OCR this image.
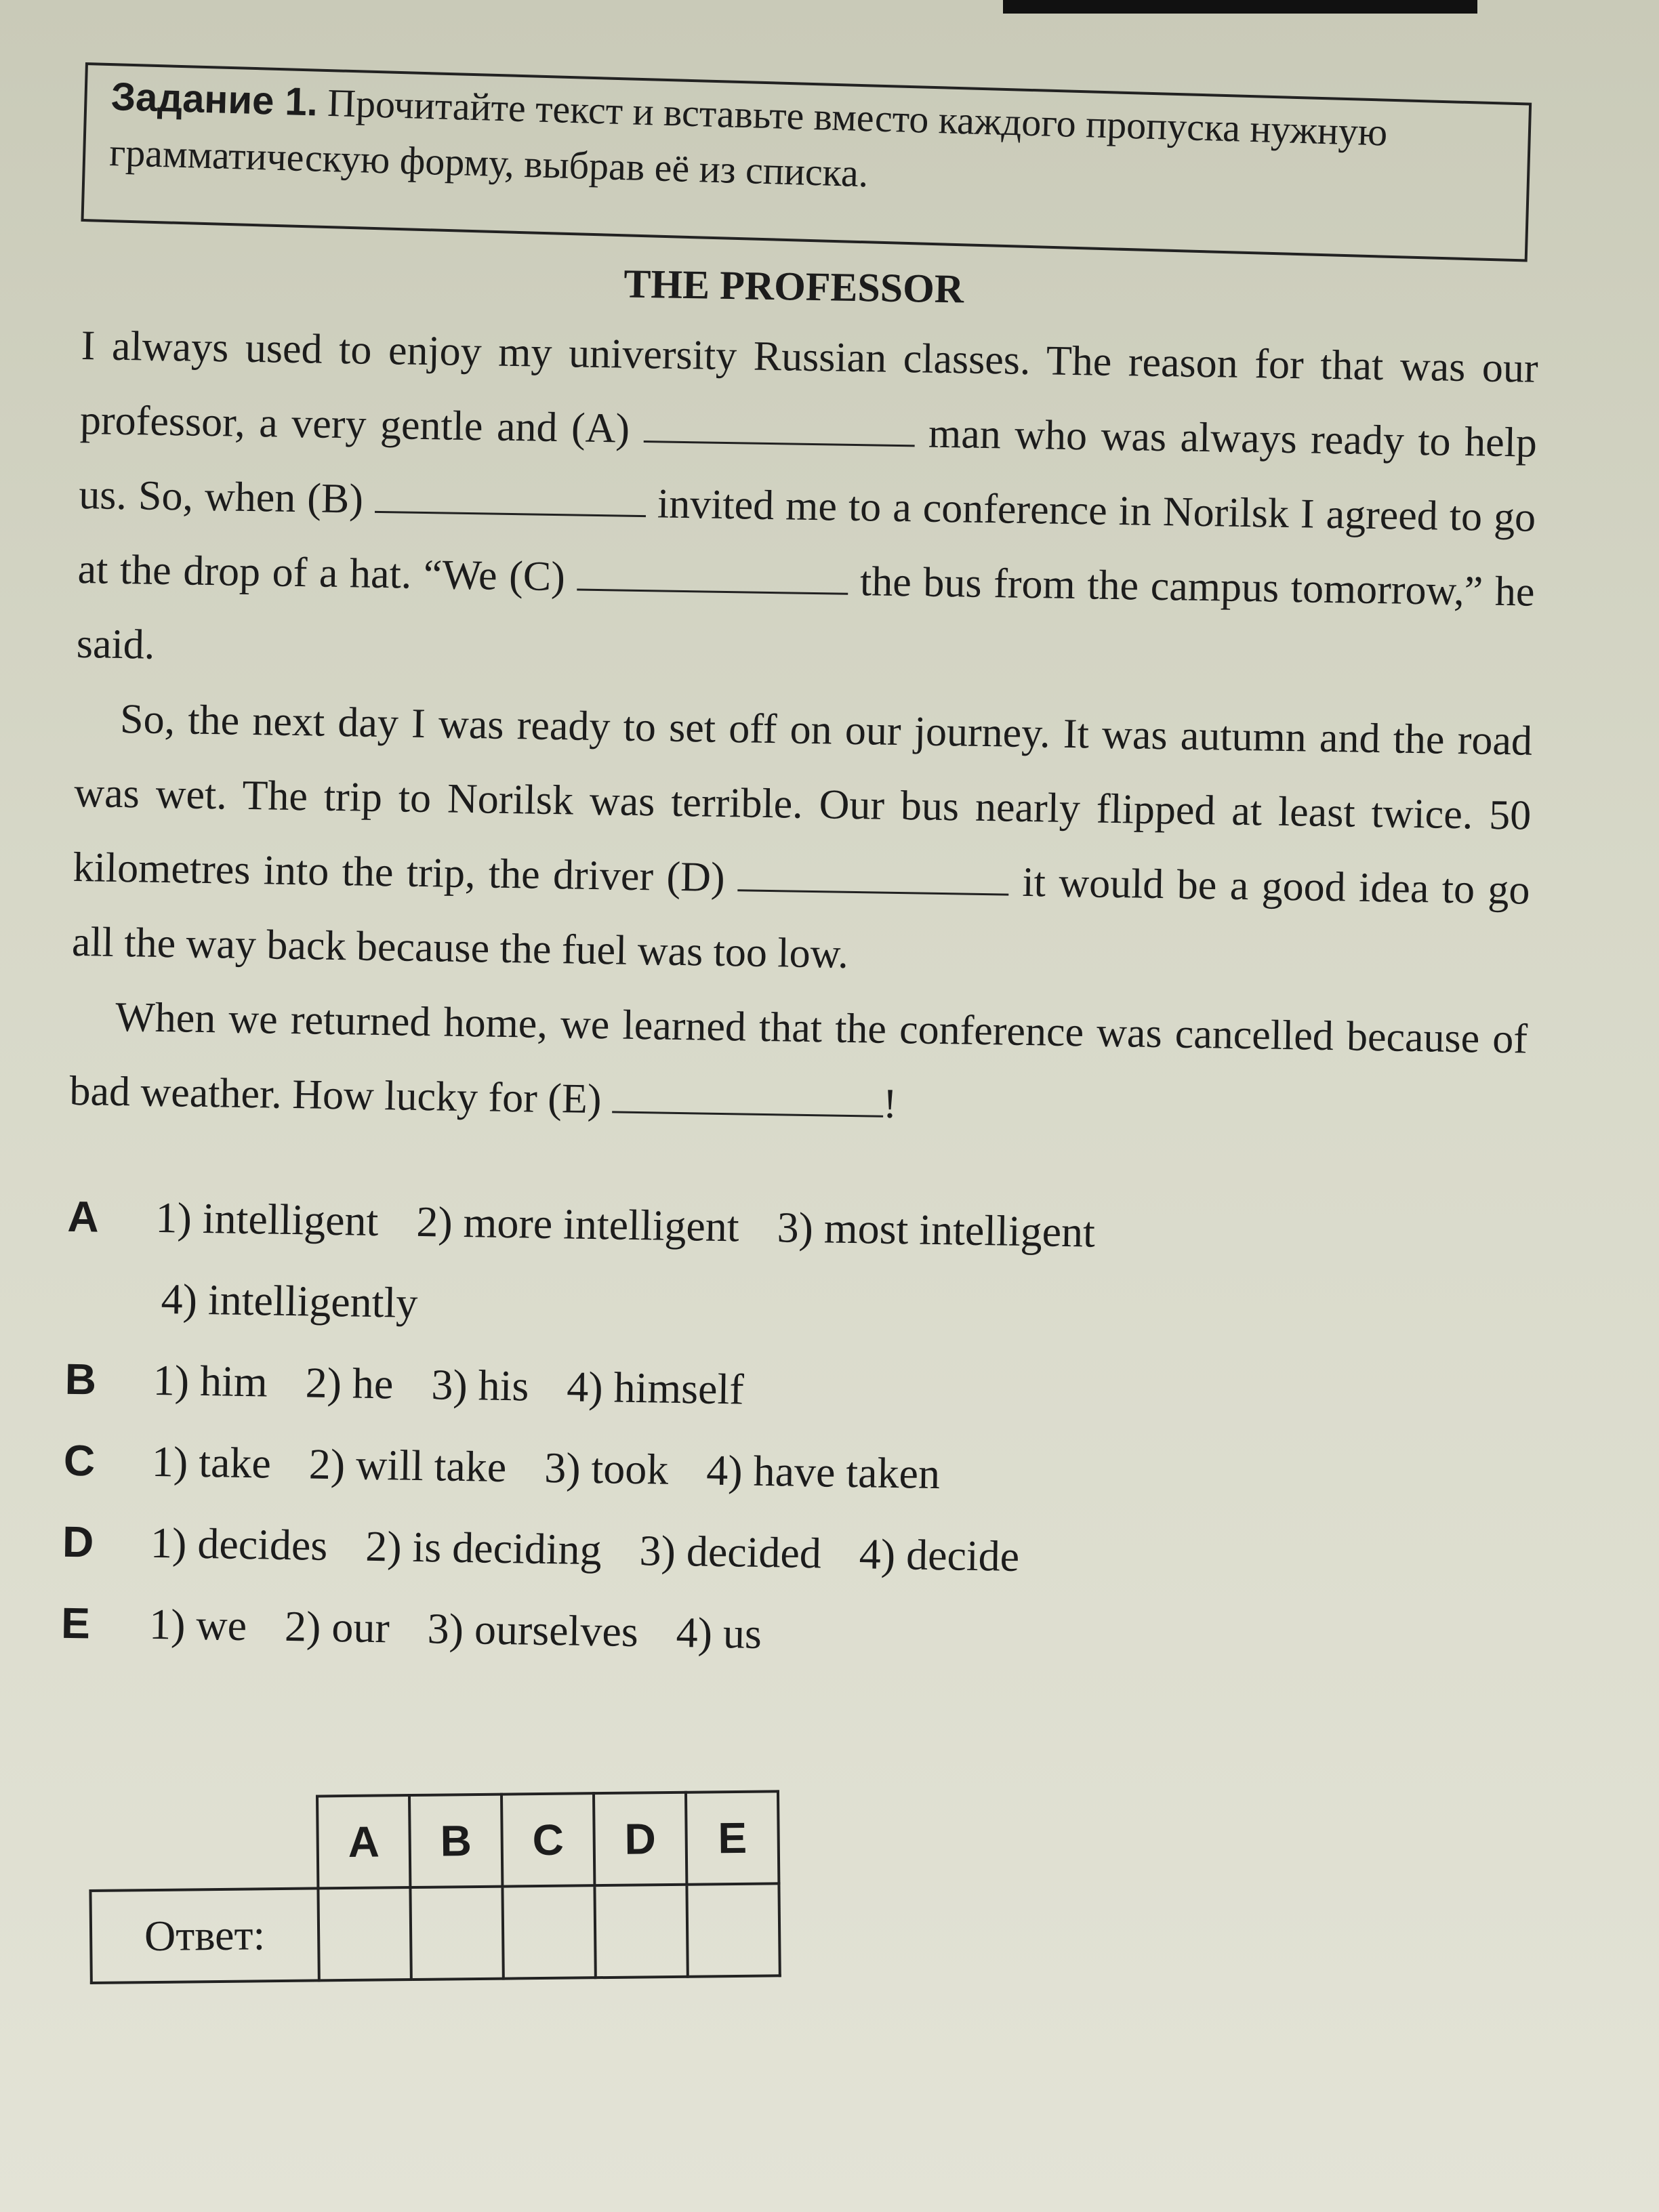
Задание 1. Прочитайте текст и вставьте вместо каждого пропуска нужную грамматическую форму, выбрав её из списка.
THE PROFESSOR

I always used to enjoy my university Russian classes. The reason for that was our professor, a very gentle and (A)	man who was always ready to help us. So, when (B)	invited me to a conference in Norilsk I agreed to go at the drop of a hat. “We (C)	the bus from the campus tomorrow,” he said.

So, the next day I was ready to set off on our journey. It was autumn and the road was wet. The trip to Norilsk was terrible. Our bus nearly flipped at least twice. 50 kilometres into the trip, the driver (D)	it would be a good idea to go all the way back because the fuel was too low.

When we returned home, we learned that the conference was cancelled because of bad weather. How lucky for (E)	!

A	1) intelligent 2) more intelligent 3) most intelligent
4) intelligently
B	1) him 2) he 3) his 4) himself
C	1) take 2) will take 3) took 4) have taken
D	1) decides 2) is deciding 3) decided 4) decide
E	1) we 2) our 3) ourselves 4) us
	A	B	C	D	E
Ответ:					
